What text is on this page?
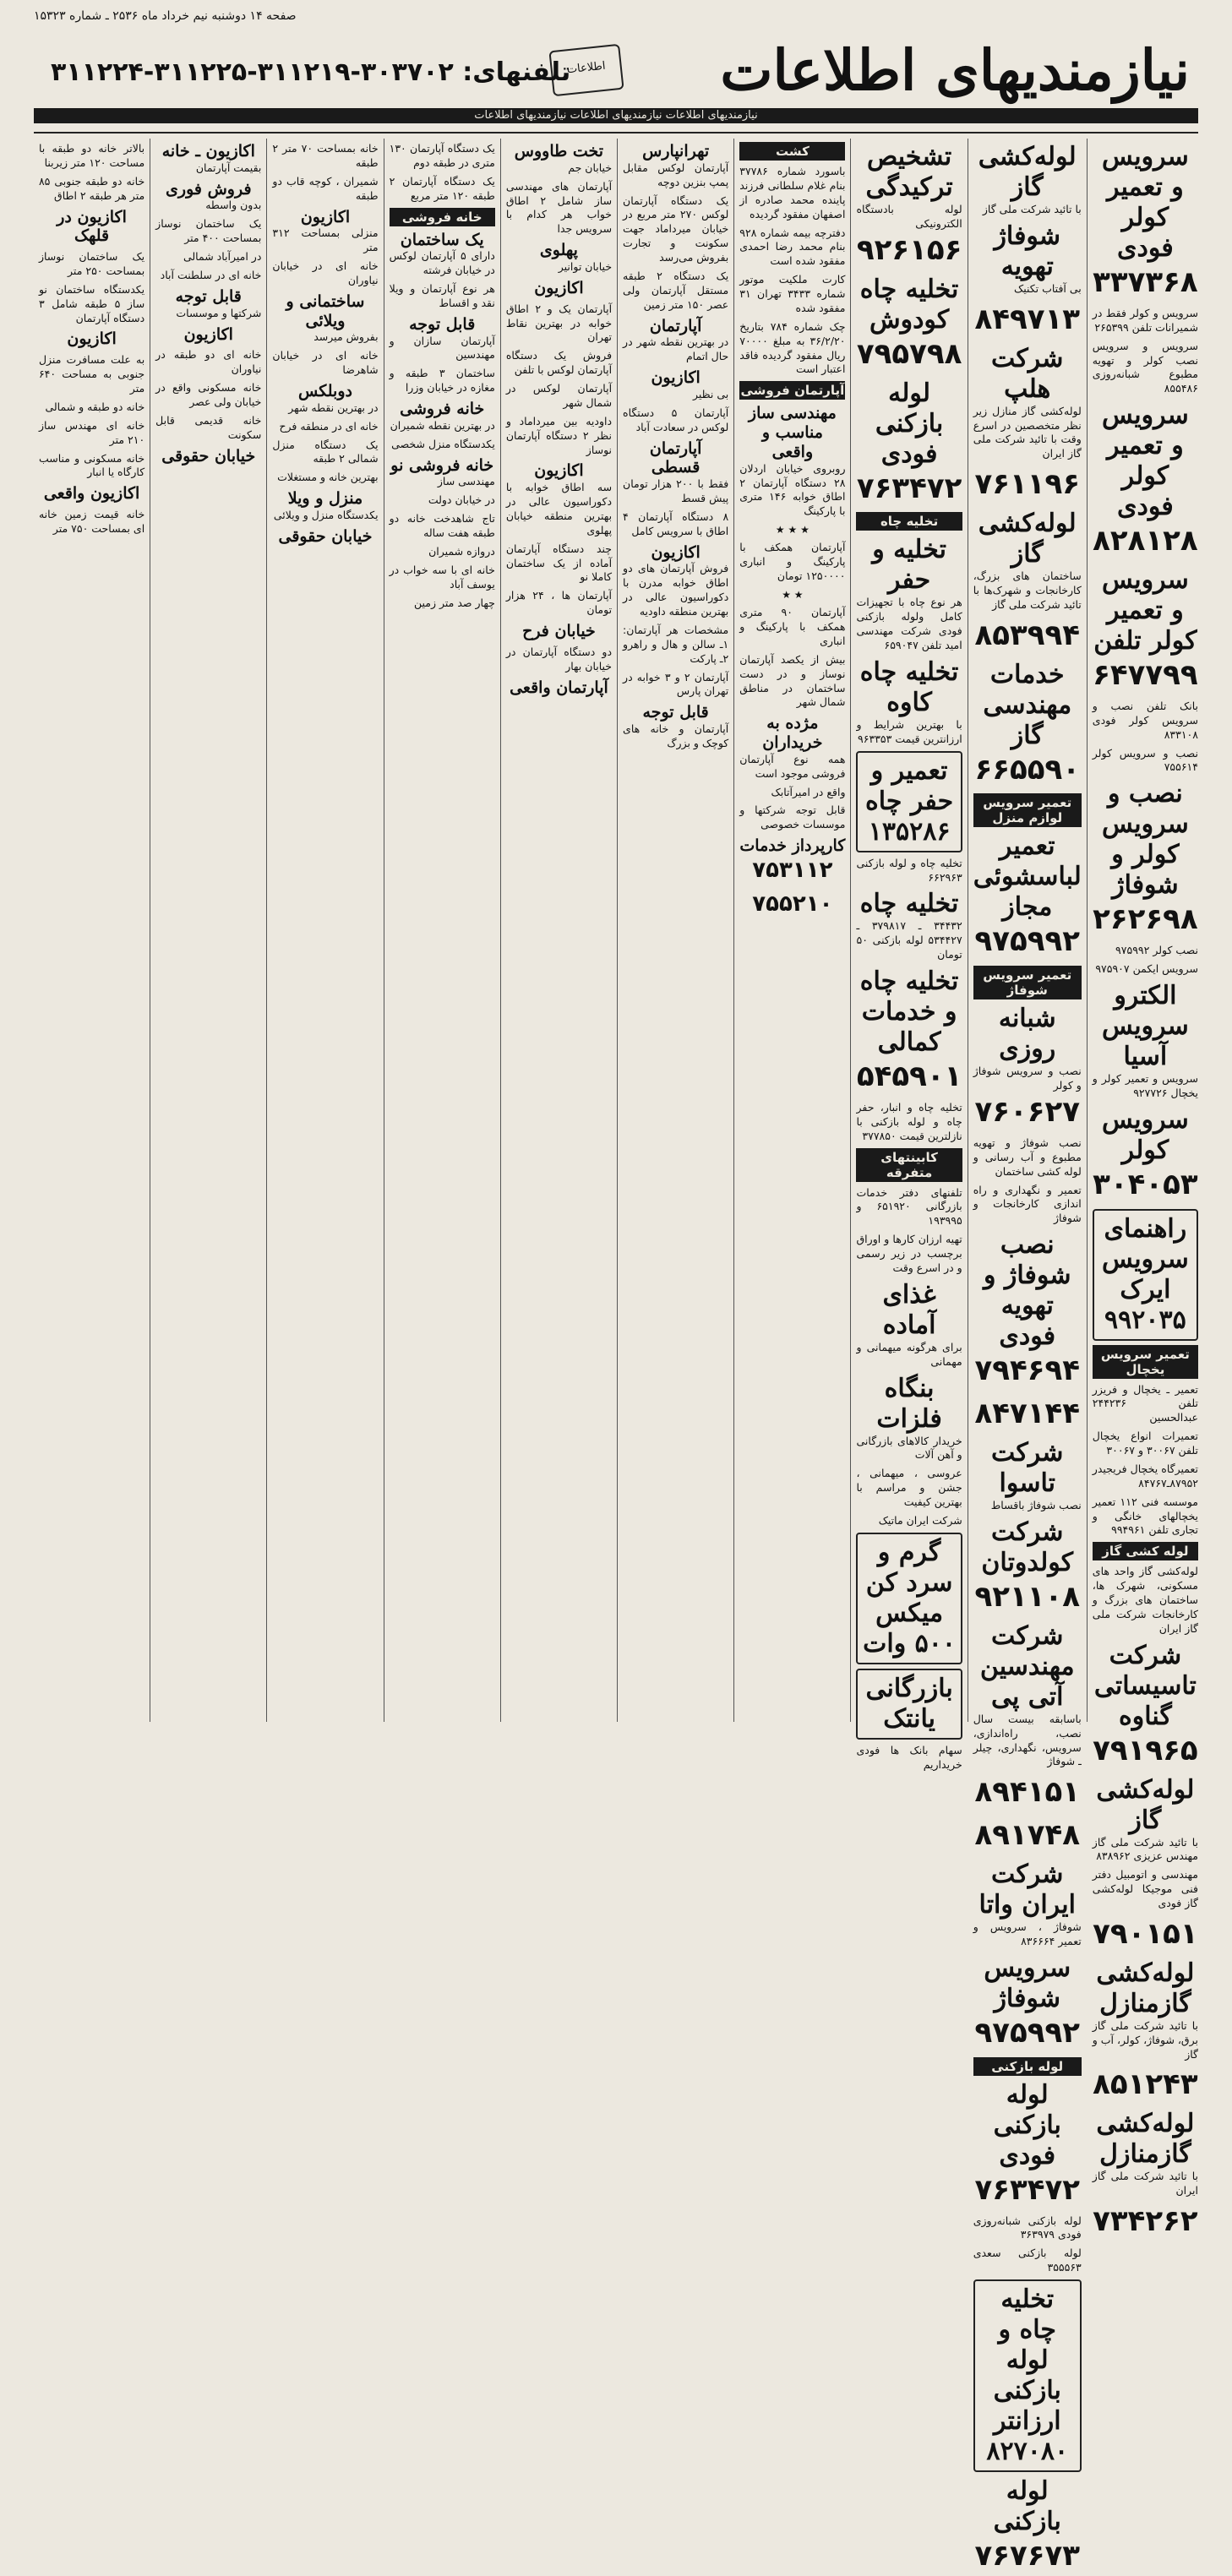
صفحه ۱۴ دوشنبه نیم خرداد ماه ۲۵۳۶ ـ شماره ۱۵۳۲۳
نیازمندیهای اطلاعات
اطلاعات
تلفنهای: ۳۰۳۷۰۲-۳۱۱۲۱۹-۳۱۱۲۲۵-۳۱۱۲۲۴
نیازمندیهای اطلاعات نیازمندیهای اطلاعات نیازمندیهای اطلاعات
سرویس و تعمیر کولر فودی
۳۳۷۳۶۸
سرویس و کولر فقط در شمیرانات تلفن ۲۶۵۳۹۹
سرویس و سرویس نصب کولر و تهویه مطبوع شبانه‌روزی ۸۵۵۴۸۶
سرویس و تعمیر کولر فودی
۸۲۸۱۲۸
سرویس و تعمیر کولر تلفن
۶۴۷۷۹۹
بانک تلفن نصب و سرویس کولر فودی ۸۳۳۱۰۸
نصب و سرویس کولر ۷۵۵۶۱۴
نصب و سرویس کولر و شوفاژ
۲۶۲۶۹۸
نصب کولر ۹۷۵۹۹۲
سرویس ایکمن ۹۷۵۹۰۷
الکترو سرویس آسیا
سرویس و تعمیر کولر و یخچال ۹۲۷۷۲۶
سرویس کولر
۳۰۴۰۵۳
راهنمای سرویس ایرک ۹۹۲۰۳۵
تعمیر سرویس یخچال
تعمیر ـ یخچال و فریزر تلفن ۲۴۴۲۳۶ عبدالحسین
تعمیرات انواع یخچال تلفن ۳۰۰۶۷ و ۳۰۰۶۷
تعمیرگاه یخچال فریجیدر ۸۷۹۵۲ـ۸۴۷۶۷
موسسه فنی ۱۱۲ تعمیر یخچالهای خانگی و تجاری تلفن ۹۹۴۹۶۱
لوله کشی گاز
لوله‌کشی گاز واحد های مسکونی، شهرک ها، ساختمان های بزرگ و کارخانجات شرکت ملی گاز ایران
شرکت تاسیساتی گناوه
۷۹۱۹۶۵
لوله‌کشی گاز
با تائید شرکت ملی گاز مهندس عزیزی ۸۳۸۹۶۲
مهندسی و اتومبیل دفتر فنی موجیکا لوله‌کشی گاز فودی
۷۹۰۱۵۱
لوله‌کشی گازمنازل
با تائید شرکت ملی گاز برق، شوفاژ، کولر، آب و گاز
۸۵۱۲۴۳
لوله‌کشی گازمنازل
با تائید شرکت ملی گاز ایران
۷۳۴۲۶۲
لوله‌کشی گاز
با تائید شرکت ملی گاز
شوفاژ تهویه
بی آفتاب تکنیک
۸۴۹۷۱۳
شرکت هلپ
لوله‌کشی گاز منازل زیر نظر متخصصین در اسرع وقت با تائید شرکت ملی گاز ایران
۷۶۱۱۹۶
لوله‌کشی گاز
ساختمان های بزرگ، کارخانجات و شهرک‌ها با تائید شرکت ملی گاز
۸۵۳۹۹۴
خدمات مهندسی گاز
۶۶۵۵۹۰
تعمیر سرویس لوازم منزل
تعمیر لباسشوئی مجاز
۹۷۵۹۹۲
تعمیر سرویس شوفاژ
شبانه روزی
نصب و سرویس شوفاژ و کولر
۷۶۰۶۲۷
نصب شوفاژ و تهویه مطبوع و آب رسانی و لوله کشی ساختمان
تعمیر و نگهداری و راه اندازی کارخانجات و شوفاژ
نصب شوفاژ و تهویه فودی
۷۹۴۶۹۴
۸۴۷۱۴۴
شرکت تاسوا
نصب شوفاژ باقساط
شرکت کولدوتان
۹۲۱۱۰۸
شرکت مهندسین آتی پی
باسابقه بیست سال نصب، راه‌اندازی، سرویس، نگهداری، چیلر ـ شوفاژ
۸۹۴۱۵۱
۸۹۱۷۴۸
شرکت ایران واتا
شوفاژ ، سرویس و تعمیر ۸۳۶۶۶۴
سرویس شوفاژ
۹۷۵۹۹۲
لوله بازکنی
لوله بازکنی فودی
۷۶۳۴۷۲
لوله بازکنی شبانه‌روزی فودی ۳۶۳۹۷۹
لوله بازکنی سعدی ۳۵۵۵۶۳
تخلیه چاه و لوله بازکنی ارزانتر ۸۲۷۰۸۰
لوله بازکنی
۷۶۷۶۷۳
تشخیص ترکیدگی
لوله بادستگاه الکترونیکی
۹۲۶۱۵۶
تخلیه چاه کودوش
۷۹۵۷۹۸
لوله بازکنی فودی
۷۶۳۴۷۲
تخلیه چاه
تخلیه و حفر
هر نوع چاه با تجهیزات کامل ولوله بازکنی فودی شرکت مهندسی امید تلفن ۶۵۹۰۴۷
تخلیه چاه کاوه
با بهترین شرایط و ارزانترین قیمت ۹۶۳۳۵۳
تعمیر و حفر چاه ۱۳۵۲۸۶
تخلیه چاه و لوله بازکنی ۶۶۲۹۶۳
تخلیه چاه
۳۴۴۳۲ ـ ۳۷۹۸۱۷ ـ ۵۳۴۴۲۷ لوله بازکنی ۵۰ تومان
تخلیه چاه و خدمات کمالی
۵۴۵۹۰۱
تخلیه چاه و انبار، حفر چاه و لوله بازکنی با نازلترین قیمت ۳۷۷۸۵۰
کابینتهای متفرقه
تلفنهای دفتر خدمات بازرگانی ۶۵۱۹۲۰ و ۱۹۳۹۹۵
تهیه ارزان کارها و اوراق برچسب در زیر رسمی و در اسرع وقت
غذای آماده
برای هرگونه میهمانی و مهمانی
بنگاه فلزات
خریدار کالاهای بازرگانی و آهن آلات
عروسی ، میهمانی ، جشن و مراسم با بهترین کیفیت
شرکت ایران ماتیک
گرم و سرد کن میکس ۵۰۰ وات
بازرگانی یانتک
سهام بانک ها فودی خریداریم
کشت
باسورد شماره ۳۷۷۸۶ بنام غلام سلطانی فرزند پاینده محمد صادره از اصفهان مفقود گردیده
دفترچه بیمه شماره ۹۲۸ بنام محمد رضا احمدی مفقود شده است
کارت ملکیت موتور شماره ۳۴۳۳ تهران ۳۱ مفقود شده
چک شماره ۷۸۴ بتاریخ ۳۶/۲/۲۰ به مبلغ ۷۰۰۰۰ ریال مفقود گردیده فاقد اعتبار است
آپارتمان فروشی
مهندسی ساز مناسب و واقعی
روبروی خیابان اردلان ۲۸ دستگاه آپارتمان ۲ اطاق خوابه ۱۴۶ متری با پارکینگ
★ ★ ★
آپارتمان همکف با پارکینگ و انباری ۱۲۵۰۰۰۰ تومان
★ ★
آپارتمان ۹۰ متری همکف با پارکینگ و انباری
بیش از یکصد آپارتمان نوساز و در دست ساختمان در مناطق شمال شهر
مژده به خریداران
همه نوع آپارتمان فروشی موجود است
واقع در امیرآتابک
قابل توجه شرکتها و موسسات خصوصی
کارپرداز خدمات
۷۵۳۱۱۲
۷۵۵۲۱۰
تهرانپارس
آپارتمان لوکس مقابل پمپ بنزین دوچه
یک دستگاه آپارتمان لوکس ۲۷۰ متر مربع در خیابان میرداماد جهت سکونت و تجارت بفروش می‌رسد
یک دستگاه ۲ طبقه مستقل آپارتمان ولی عصر ۱۵۰ متر زمین
آپارتمان
در بهترین نقطه شهر در حال اتمام
اکازیون
بی نظیر
آپارتمان ۵ دستگاه لوکس در سعادت آباد
آپارتمان قسطی
فقط با ۲۰۰ هزار تومان پیش قسط
۸ دستگاه آپارتمان ۴ اطاق با سرویس کامل
اکازیون
فروش آپارتمان های دو اطاق خوابه مدرن با دکوراسیون عالی در بهترین منطقه داودیه
مشخصات هر آپارتمان: ۱ـ سالن و هال و راهرو ۲ـ پارکت
آپارتمان ۲ و ۳ خوابه در تهران پارس
قابل توجه
آپارتمان و خانه های کوچک و بزرگ
تخت طاووس
خیابان جم
آپارتمان های مهندسی ساز شامل ۲ اطاق خواب هر کدام با سرویس جدا
پهلوی
خیابان توانیر
اکازیون
آپارتمان یک و ۲ اطاق خوابه در بهترین نقاط تهران
فروش یک دستگاه آپارتمان لوکس با تلفن
آپارتمان لوکس در شمال شهر
داودیه بین میرداماد و نظر ۲ دستگاه آپارتمان نوساز
اکازیون
سه اطاق خوابه با دکوراسیون عالی در بهترین منطقه خیابان پهلوی
چند دستگاه آپارتمان آماده از یک ساختمان کاملا نو
آپارتمان ها ، ۲۴ هزار تومان
خیابان فرح
دو دستگاه آپارتمان در خیابان بهار
آپارتمان واقعی
یک دستگاه آپارتمان ۱۳۰ متری در طبقه دوم
یک دستگاه آپارتمان ۲ طبقه ۱۲۰ متر مربع
خانه فروشی
یک ساختمان
دارای ۵ آپارتمان لوکس در خیابان فرشته
هر نوع آپارتمان و ویلا نقد و اقساط
قابل توجه
آپارتمان سازان و مهندسین
ساختمان ۳ طبقه و مغازه در خیابان وزرا
خانه فروشی
در بهترین نقطه شمیران
یکدستگاه منزل شخصی
خانه فروشی نو
مهندسی ساز
در خیابان دولت
تاج شاهدخت خانه دو طبقه هفت ساله
دروازه شمیران
خانه ای با سه خواب در یوسف آباد
چهار صد متر زمین
خانه بمساحت ۷۰ متر ۲ طبقه
شمیران ، کوچه قاب دو طبقه
اکازیون
منزلی بمساحت ۳۱۲ متر
خانه ای در خیابان نیاوران
ساختمانی و ویلائی
بفروش میرسد
خانه ای در خیابان شاهرضا
دوبلکس
در بهترین نقطه شهر
خانه ای در منطقه فرح
یک دستگاه منزل شمالی ۲ طبقه
بهترین خانه و مستغلات
منزل و ویلا
یکدستگاه منزل و ویلائی
خیابان حقوقی
اکازیون ـ خانه
بقیمت آپارتمان
فروش فوری
بدون واسطه
یک ساختمان نوساز بمساحت ۴۰۰ متر
در امیرآباد شمالی
خانه ای در سلطنت آباد
قابل توجه
شرکتها و موسسات
اکازیون
خانه ای دو طبقه در نیاوران
خانه مسکونی واقع در خیابان ولی عصر
خانه قدیمی قابل سکونت
خیابان حقوقی
بالاتر خانه دو طبقه با مساحت ۱۲۰ متر زیربنا
خانه دو طبقه جنوبی ۸۵ متر هر طبقه ۲ اطاق
اکازیون در قلهک
یک ساختمان نوساز بمساحت ۲۵۰ متر
یکدستگاه ساختمان نو ساز ۵ طبقه شامل ۳ دستگاه آپارتمان
اکازیون
به علت مسافرت منزل جنوبی به مساحت ۶۴۰ متر
خانه دو طبقه و شمالی
خانه ای مهندس ساز ۲۱۰ متر
خانه مسکونی و مناسب کارگاه یا انبار
اکازیون واقعی
خانه قیمت زمین خانه ای بمساحت ۷۵۰ متر
